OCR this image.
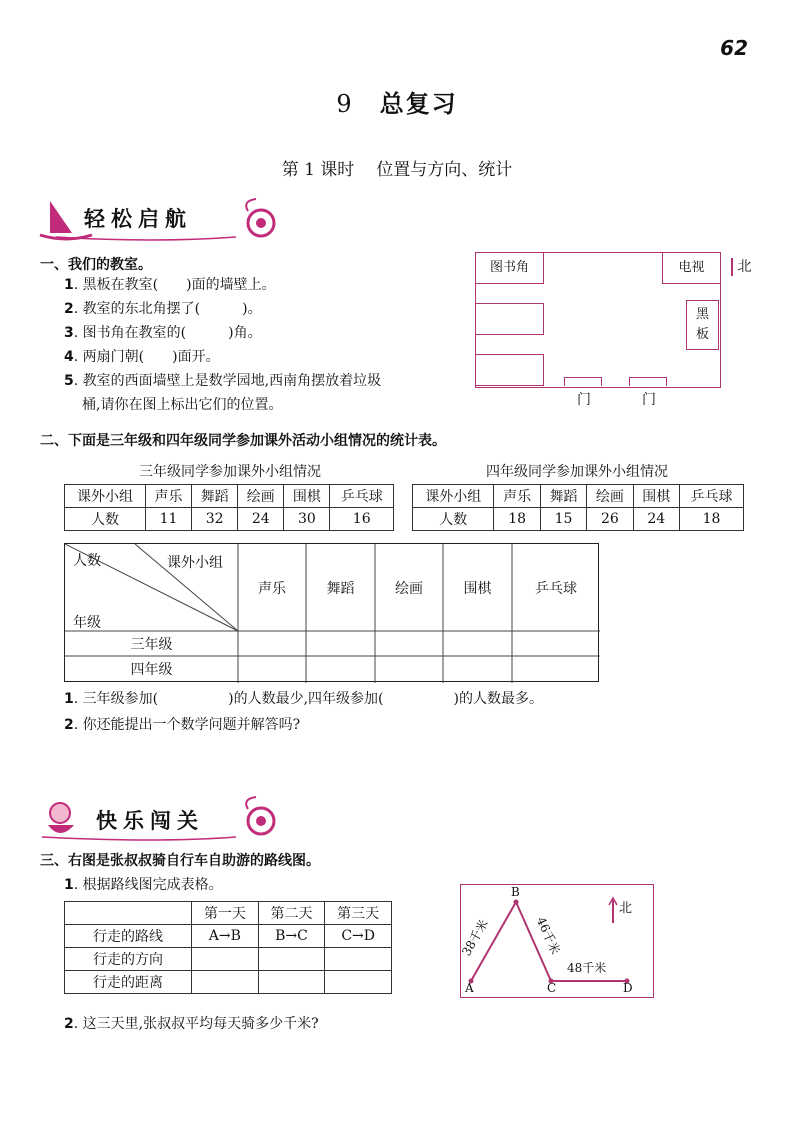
62
9 总复习
第 1 课时 位置与方向、统计
轻松启航
一、我们的教室。
1. 黑板在教室(　　)面的墙壁上。
2. 教室的东北角摆了(　　　)。
3. 图书角在教室的(　　　)角。
4. 两扇门朝(　　)面开。
5. 教室的西面墙壁上是数学园地,西南角摆放着垃圾
桶,请你在图上标出它们的位置。
图书角	电视
黑
板
门	门
北
二、下面是三年级和四年级同学参加课外活动小组情况的统计表。
三年级同学参加课外小组情况
课外小组	声乐	舞蹈	绘画	围棋	乒乓球
人数	11	32	24	30	16
四年级同学参加课外小组情况
课外小组	声乐	舞蹈	绘画	围棋	乒乓球
人数	18	15	26	24	18
人数	课外小组
年级
声乐	舞蹈	绘画	围棋	乒乓球
三年级
四年级
1. 三年级参加(　　　　　)的人数最少,四年级参加(　　　　　)的人数最多。
2. 你还能提出一个数学问题并解答吗?
快乐闯关
三、右图是张叔叔骑自行车自助游的路线图。
1. 根据路线图完成表格。
	第一天	第二天	第三天
行走的路线	A→B	B→C	C→D
行走的方向			
行走的距离			
2. 这三天里,张叔叔平均每天骑多少千米?
A
B
C	D
38千米	46千米
48千米
北
